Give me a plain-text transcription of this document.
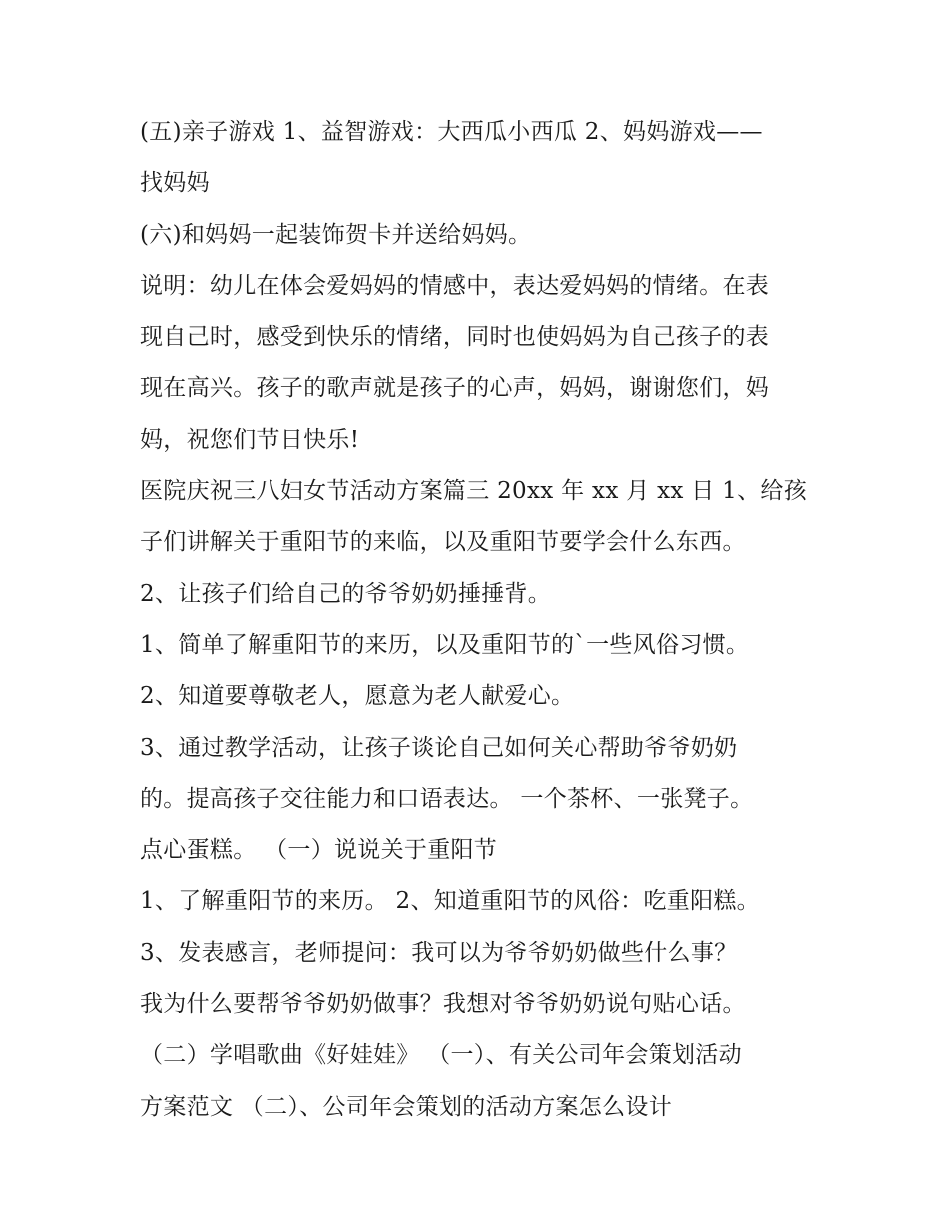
(五)亲子游戏 1、益智游戏：大西瓜小西瓜 2、妈妈游戏——
找妈妈
(六)和妈妈一起装饰贺卡并送给妈妈。
说明：幼儿在体会爱妈妈的情感中，表达爱妈妈的情绪。在表
现自己时，感受到快乐的情绪，同时也使妈妈为自己孩子的表
现在高兴。孩子的歌声就是孩子的心声，妈妈，谢谢您们，妈
妈，祝您们节日快乐!
医院庆祝三八妇女节活动方案篇三 20xx 年 xx 月 xx 日 1、给孩
子们讲解关于重阳节的来临，以及重阳节要学会什么东西。
2、让孩子们给自己的爷爷奶奶捶捶背。
1、简单了解重阳节的来历，以及重阳节的`一些风俗习惯。
2、知道要尊敬老人，愿意为老人献爱心。
3、通过教学活动，让孩子谈论自己如何关心帮助爷爷奶奶
的。提高孩子交往能力和口语表达。 一个茶杯、一张凳子。
点心蛋糕。 （一）说说关于重阳节
1、了解重阳节的来历。 2、知道重阳节的风俗：吃重阳糕。
3、发表感言，老师提问：我可以为爷爷奶奶做些什么事？
我为什么要帮爷爷奶奶做事？我想对爷爷奶奶说句贴心话。
（二）学唱歌曲《好娃娃》 （一）、有关公司年会策划活动
方案范文 （二）、公司年会策划的活动方案怎么设计
